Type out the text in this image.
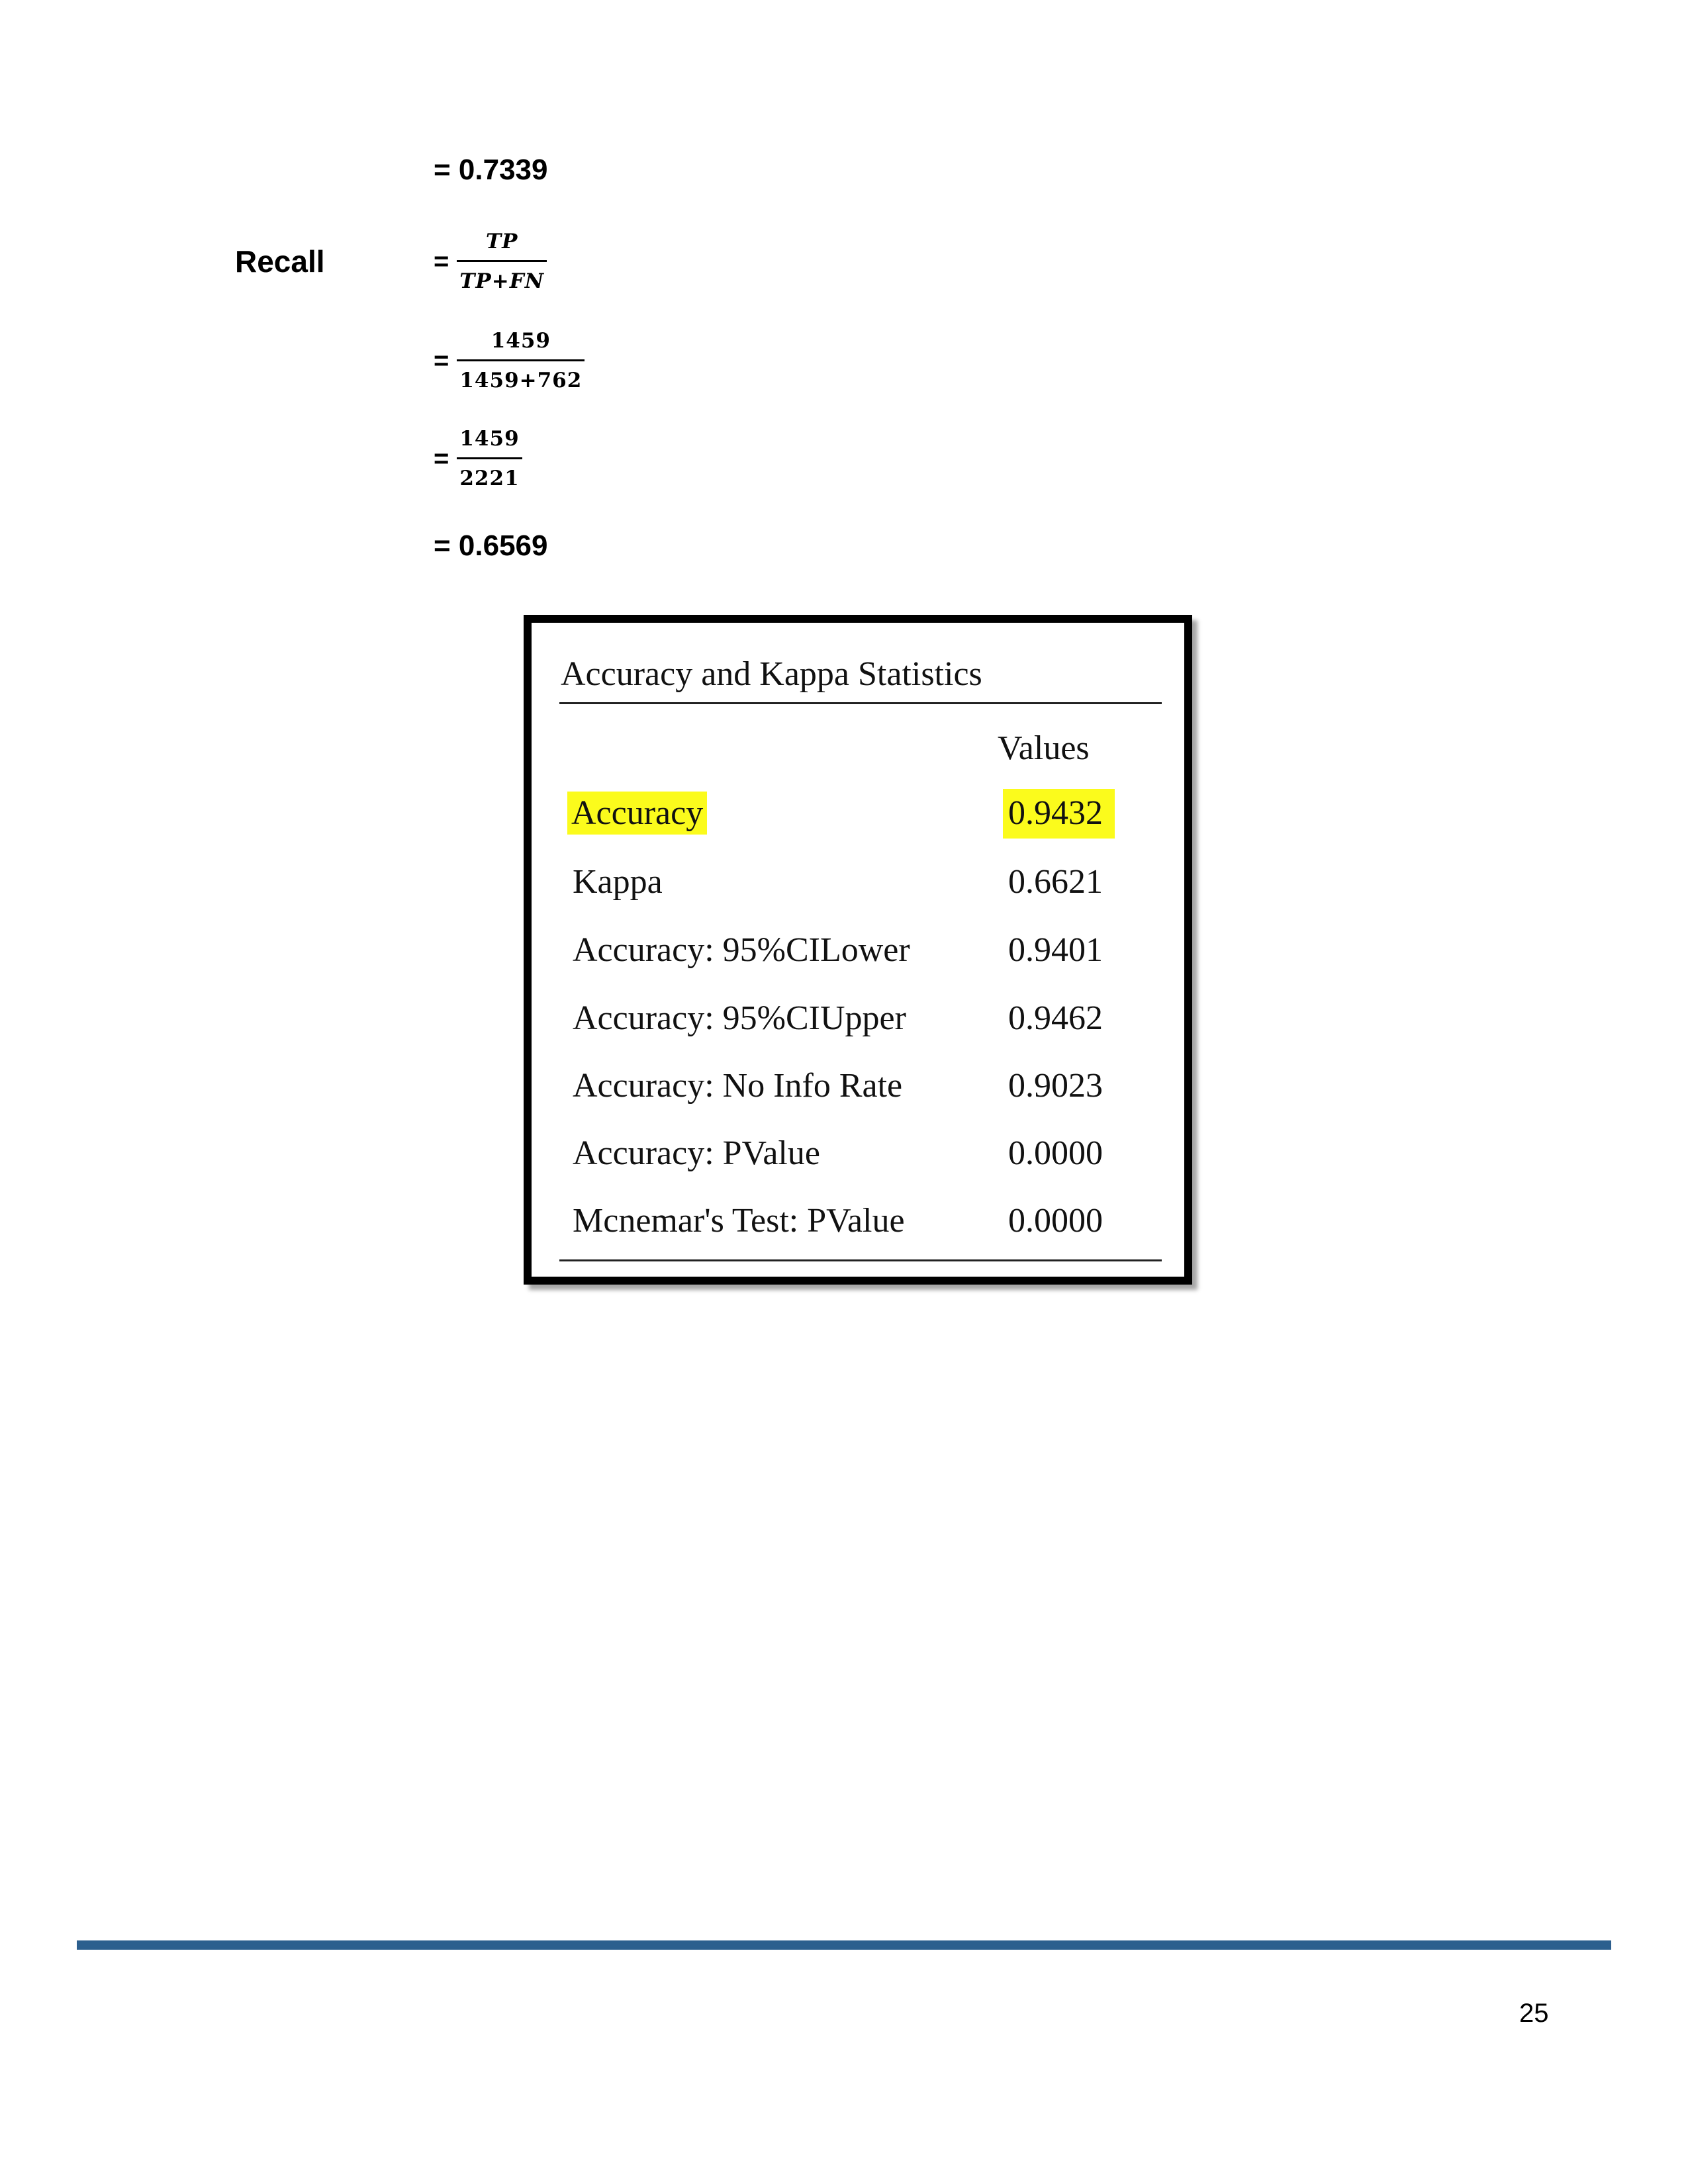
= 0.7339
Recall	= $\frac{TP}{TP+FN}$
= $\frac{1459}{1459+762}$
= $\frac{1459}{2221}$
= 0.6569
Accuracy and Kappa Statistics
Values
Accuracy	0.9432
Kappa	0.6621
Accuracy: 95%CILower	0.9401
Accuracy: 95%CIUpper	0.9462
Accuracy: No Info Rate	0.9023
Accuracy: PValue	0.0000
Mcnemar's Test: PValue	0.0000
25
